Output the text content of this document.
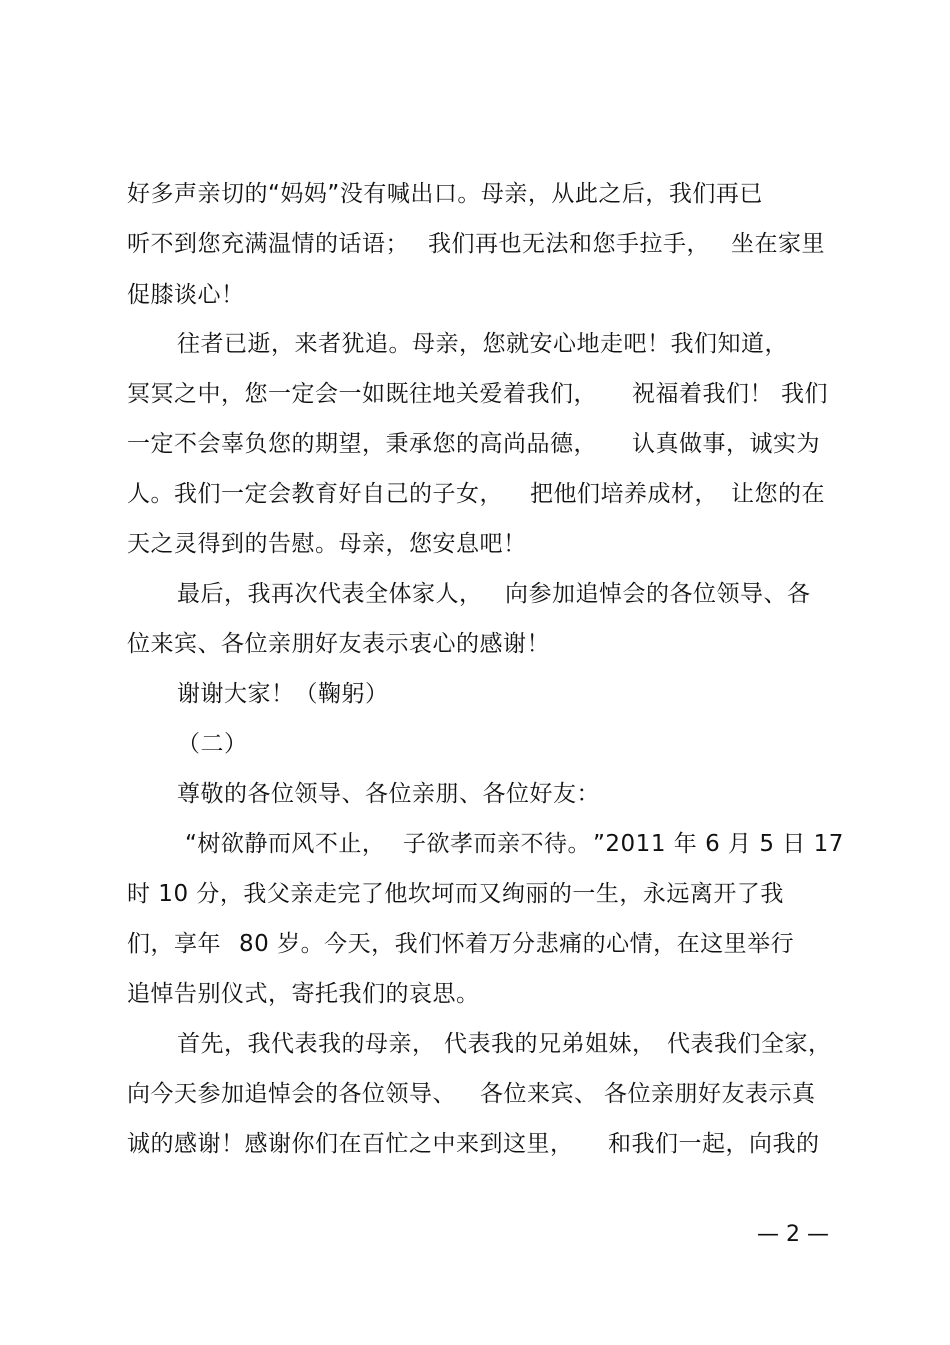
好多声亲切的“妈妈”没有喊出口。母亲，从此之后，我们再已

听不到您充满温情的话语；

我们再也无法和您手拉手，

坐在家里

促膝谈心！

往者已逝，来者犹追。母亲，您就安心地走吧！我们知道，

冥冥之中，您一定会一如既往地关爱着我们，

祝福着我们！

我们

一定不会辜负您的期望，秉承您的高尚品德，

认真做事，诚实为

人。我们一定会教育好自己的子女，

把他们培养成材，

让您的在

天之灵得到的告慰。母亲，您安息吧！

最后，我再次代表全体家人，

向参加追悼会的各位领导、各

位来宾、各位亲朋好友表示衷心的感谢！

谢谢大家！（鞠躬）

（二）

尊敬的各位领导、各位亲朋、各位好友：

“树欲静而风不止，

子欲孝而亲不待。

”2011 年 6 月 5 日 17

时 10 分，我父亲走完了他坎坷而又绚丽的一生，永远离开了我

们，享年

80 岁。今天，我们怀着万分悲痛的心情，在这里举行

追悼告别仪式，寄托我们的哀思。

首先，我代表我的母亲，

代表我的兄弟姐妹，

代表我们全家，

向今天参加追悼会的各位领导、

各位来宾、

各位亲朋好友表示真

诚的感谢！感谢你们在百忙之中来到这里，

和我们一起，向我的

— 2 —
